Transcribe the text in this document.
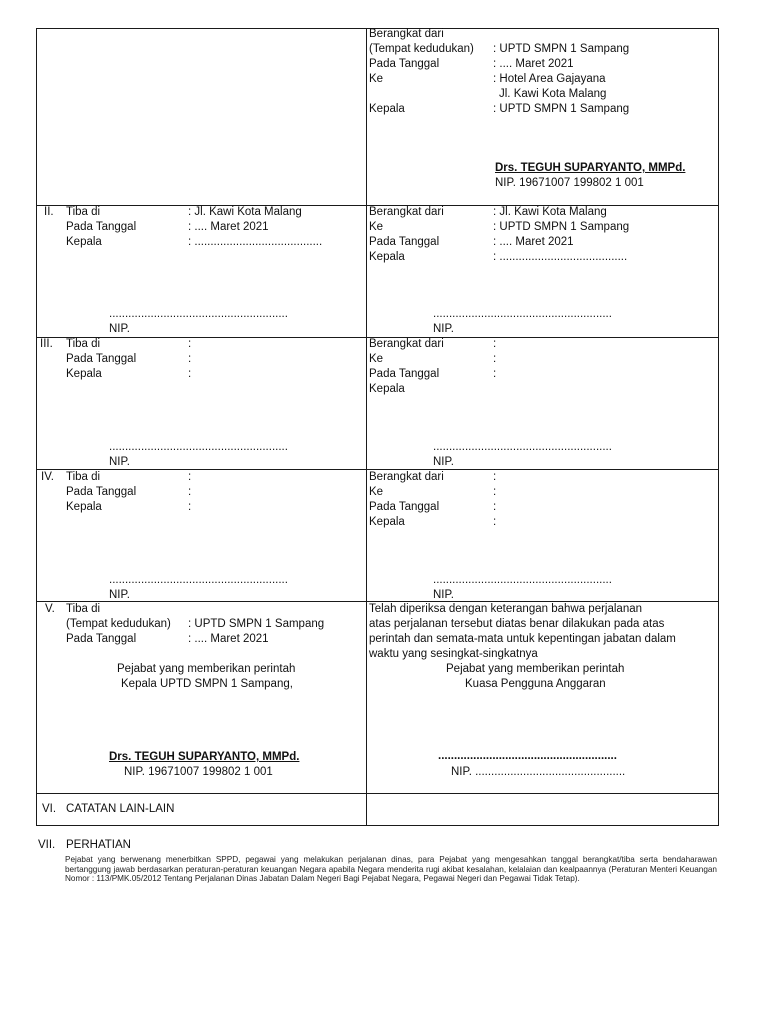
Berangkat dari
(Tempat kedudukan) : UPTD SMPN 1 Sampang
Pada Tanggal	: .... Maret 2021
Ke	: Hotel Area Gajayana
Jl. Kawi Kota Malang
Kepala	: UPTD SMPN 1 Sampang
Drs. TEGUH SUPARYANTO, MMPd.
NIP. 19671007 199802 1 001
II. Tiba di	: Jl. Kawi Kota Malang
Pada Tanggal	: .... Maret 2021
Kepala	: ........................................
........................................................
NIP.
Berangkat dari	: Jl. Kawi Kota Malang
Ke	: UPTD SMPN 1 Sampang
Pada Tanggal	: .... Maret 2021
Kepala	: ........................................
........................................................
NIP.
III. Tiba di	:
Pada Tanggal	:
Kepala	:
........................................................
NIP.
Berangkat dari	:
Ke	:
Pada Tanggal	:
Kepala
........................................................
NIP.
IV. Tiba di	:
Pada Tanggal	:
Kepala	:
........................................................
NIP.
Berangkat dari	:
Ke	:
Pada Tanggal	:
Kepala	:
........................................................
NIP.
V. Tiba di
(Tempat kedudukan) : UPTD SMPN 1 Sampang
Pada Tanggal	: .... Maret 2021
Pejabat yang memberikan perintah
Kepala UPTD SMPN 1 Sampang,
Drs. TEGUH SUPARYANTO, MMPd.
NIP. 19671007 199802 1 001
Telah diperiksa dengan keterangan bahwa perjalanan
atas perjalanan tersebut diatas benar dilakukan pada atas
perintah dan semata-mata untuk kepentingan jabatan dalam
waktu yang sesingkat-singkatnya
Pejabat yang memberikan perintah
Kuasa Pengguna Anggaran
........................................................
NIP. ...............................................
VI. CATATAN LAIN-LAIN
VII. PERHATIAN
Pejabat yang berwenang menerbitkan SPPD, pegawai yang melakukan perjalanan dinas, para Pejabat yang mengesahkan tanggal berangkat/tiba serta bendaharawan bertanggung jawab berdasarkan peraturan-peraturan keuangan Negara apabila Negara menderita rugi akibat kesalahan, kelalaian dan kealpaannya (Peraturan Menteri Keuangan Nomor : 113/PMK.05/2012 Tentang Perjalanan Dinas Jabatan Dalam Negeri Bagi Pejabat Negara, Pegawai Negeri dan Pegawai Tidak Tetap).
